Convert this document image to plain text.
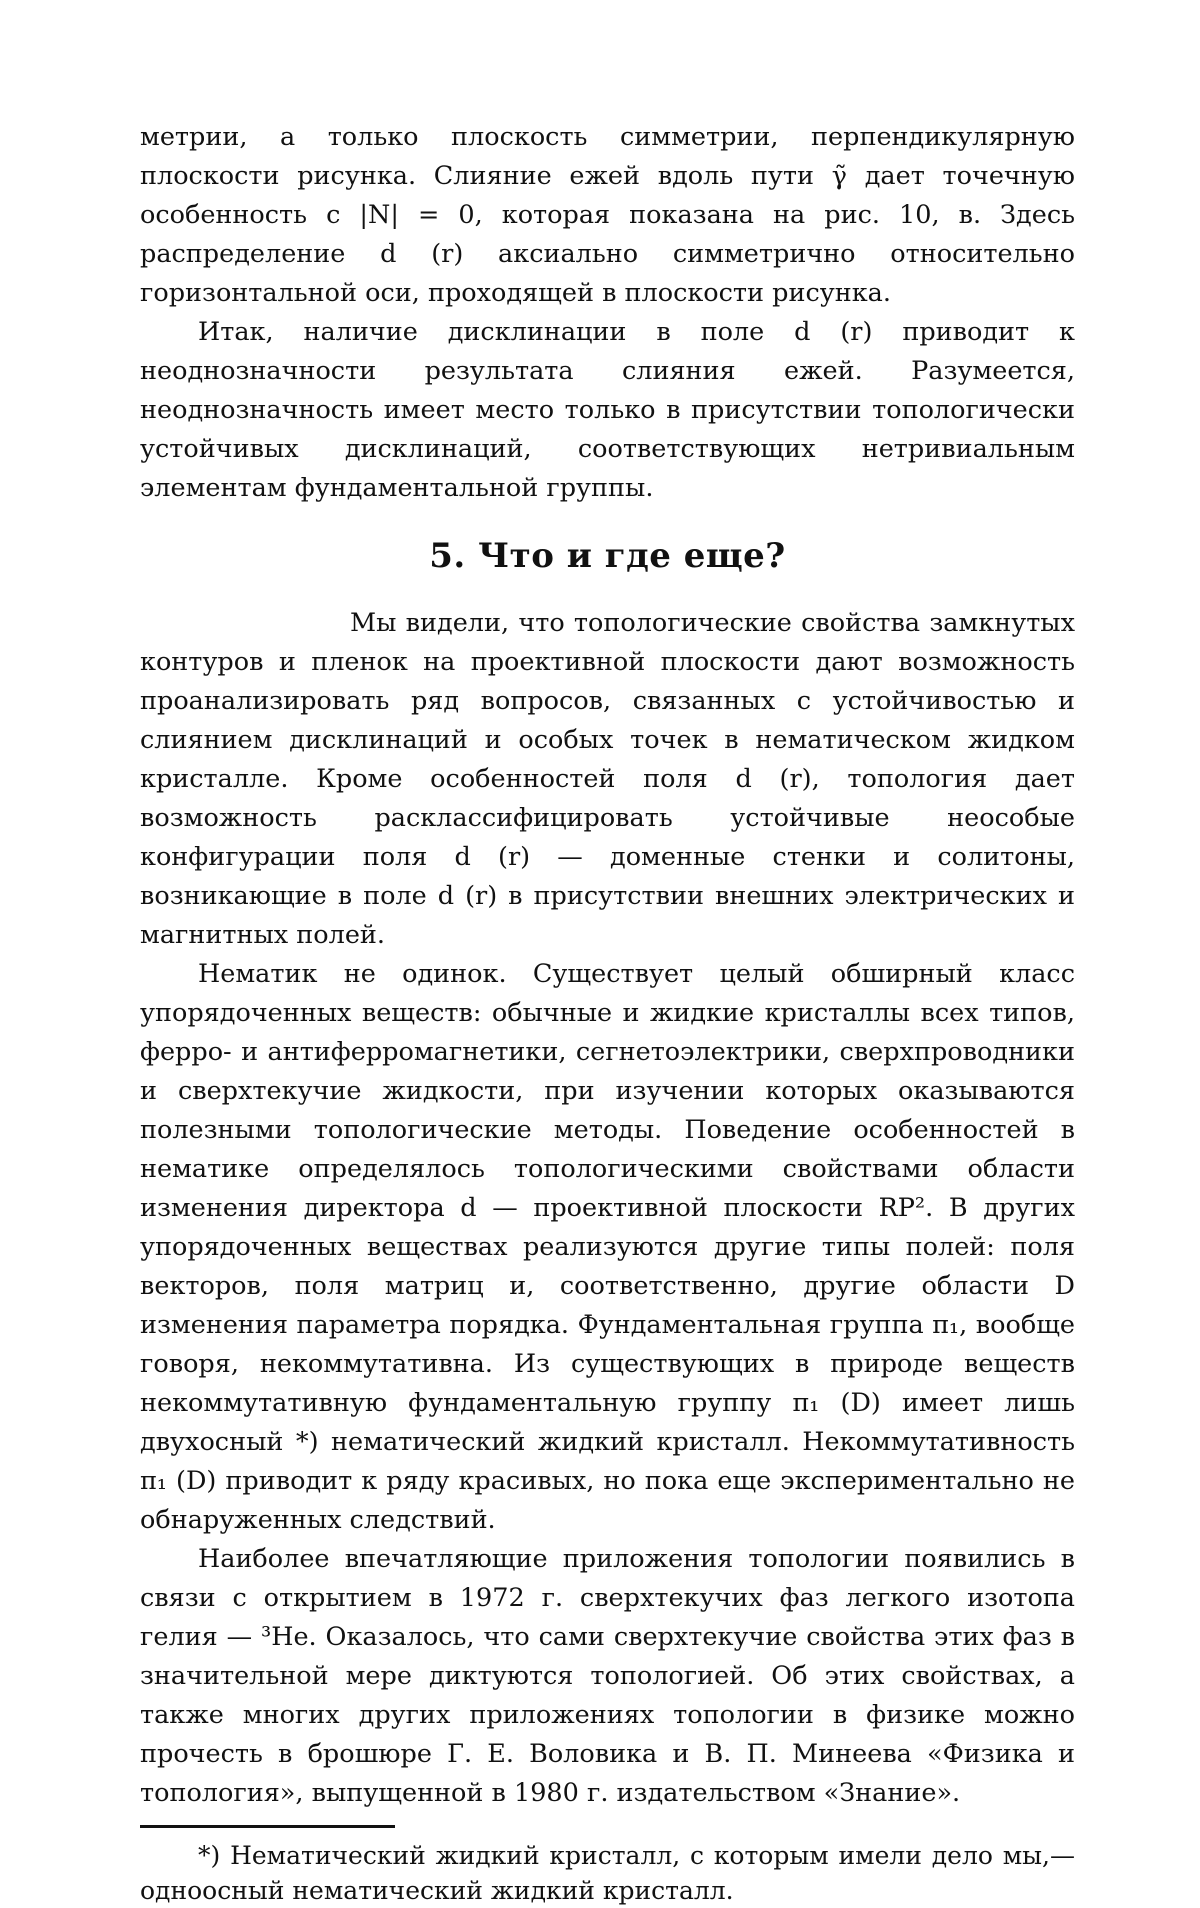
метрии, а только плоскость симметрии, перпендикулярную плоскости рисунка. Слияние ежей вдоль пути γ̃ дает точечную особенность с |N| = 0, которая показана на рис. 10, в. Здесь распределение d (r) аксиально симметрично относительно горизонтальной оси, проходящей в плоскости рисунка.

Итак, наличие дисклинации в поле d (r) приводит к неоднозначности результата слияния ежей. Разумеется, неоднозначность имеет место только в присутствии топологически устойчивых дисклинаций, соответствующих нетривиальным элементам фундаментальной группы.

5. Что и где еще?

Мы видели, что топологические свойства замкнутых контуров и пленок на проективной плоскости дают возможность проанализировать ряд вопросов, связанных с устойчивостью и слиянием дисклинаций и особых точек в нематическом жидком кристалле. Кроме особенностей поля d (r), топология дает возможность расклассифицировать устойчивые неособые конфигурации поля d (r) — доменные стенки и солитоны, возникающие в поле d (r) в присутствии внешних электрических и магнитных полей.

Нематик не одинок. Существует целый обширный класс упорядоченных веществ: обычные и жидкие кристаллы всех типов, ферро- и антиферромагнетики, сегнетоэлектрики, сверхпроводники и сверхтекучие жидкости, при изучении которых оказываются полезными топологические методы. Поведение особенностей в нематике определялось топологическими свойствами области изменения директора d — проективной плоскости RP². В других упорядоченных веществах реализуются другие типы полей: поля векторов, поля матриц и, соответственно, другие области D изменения параметра порядка. Фундаментальная группа π₁, вообще говоря, некоммутативна. Из существующих в природе веществ некоммутативную фундаментальную группу π₁ (D) имеет лишь двухосный *) нематический жидкий кристалл. Некоммутативность π₁ (D) приводит к ряду красивых, но пока еще экспериментально не обнаруженных следствий.

Наиболее впечатляющие приложения топологии появились в связи с открытием в 1972 г. сверхтекучих фаз легкого изотопа гелия — ³He. Оказалось, что сами сверхтекучие свойства этих фаз в значительной мере диктуются топологией. Об этих свойствах, а также многих других приложениях топологии в физике можно прочесть в брошюре Г. Е. Воловика и В. П. Минеева «Физика и топология», выпущенной в 1980 г. издательством «Знание».

*) Нематический жидкий кристалл, с которым имели дело мы,— одноосный нематический жидкий кристалл.
